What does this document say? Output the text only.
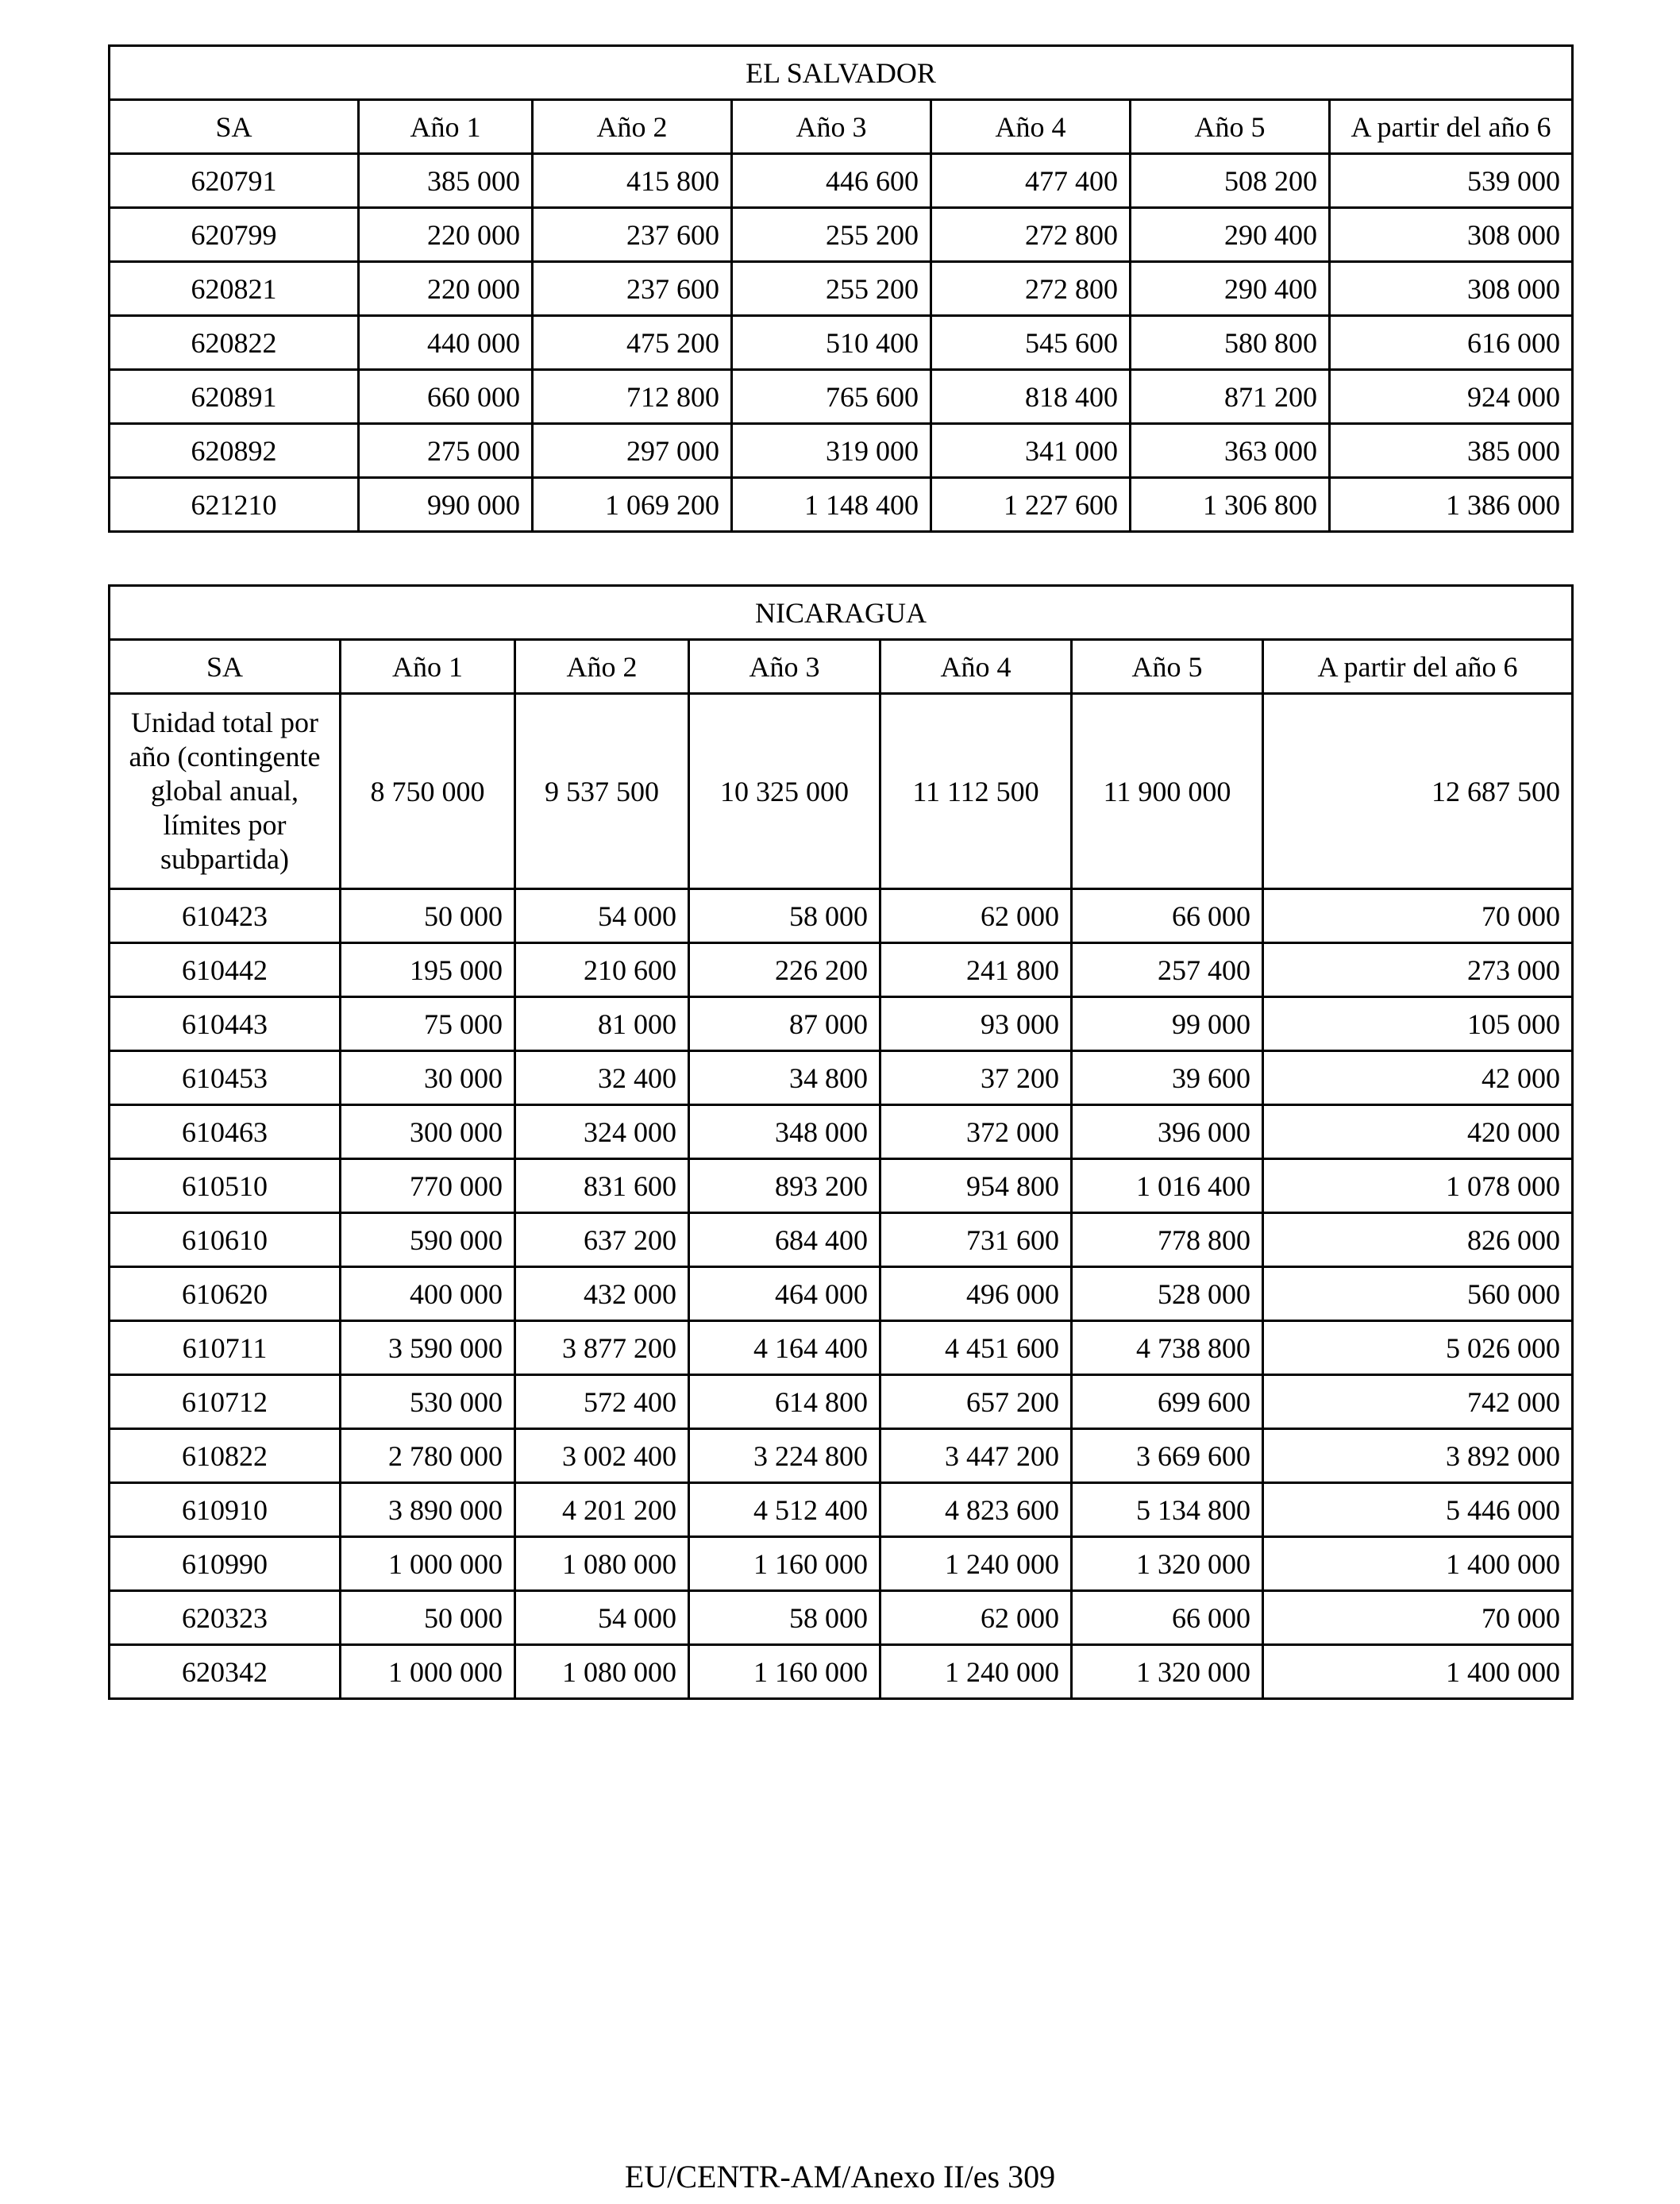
EL SALVADOR						
SA	Año 1	Año 2	Año 3	Año 4	Año 5	A partir del año 6
620791	385 000	415 800	446 600	477 400	508 200	539 000
620799	220 000	237 600	255 200	272 800	290 400	308 000
620821	220 000	237 600	255 200	272 800	290 400	308 000
620822	440 000	475 200	510 400	545 600	580 800	616 000
620891	660 000	712 800	765 600	818 400	871 200	924 000
620892	275 000	297 000	319 000	341 000	363 000	385 000
621210	990 000	1 069 200	1 148 400	1 227 600	1 306 800	1 386 000
NICARAGUA						
SA	Año 1	Año 2	Año 3	Año 4	Año 5	A partir del año 6
Unidad total por año (contingente global anual, límites por subpartida)	8 750 000	9 537 500	10 325 000	11 112 500	11 900 000	12 687 500
610423	50 000	54 000	58 000	62 000	66 000	70 000
610442	195 000	210 600	226 200	241 800	257 400	273 000
610443	75 000	81 000	87 000	93 000	99 000	105 000
610453	30 000	32 400	34 800	37 200	39 600	42 000
610463	300 000	324 000	348 000	372 000	396 000	420 000
610510	770 000	831 600	893 200	954 800	1 016 400	1 078 000
610610	590 000	637 200	684 400	731 600	778 800	826 000
610620	400 000	432 000	464 000	496 000	528 000	560 000
610711	3 590 000	3 877 200	4 164 400	4 451 600	4 738 800	5 026 000
610712	530 000	572 400	614 800	657 200	699 600	742 000
610822	2 780 000	3 002 400	3 224 800	3 447 200	3 669 600	3 892 000
610910	3 890 000	4 201 200	4 512 400	4 823 600	5 134 800	5 446 000
610990	1 000 000	1 080 000	1 160 000	1 240 000	1 320 000	1 400 000
620323	50 000	54 000	58 000	62 000	66 000	70 000
620342	1 000 000	1 080 000	1 160 000	1 240 000	1 320 000	1 400 000
EU/CENTR-AM/Anexo II/es 309
